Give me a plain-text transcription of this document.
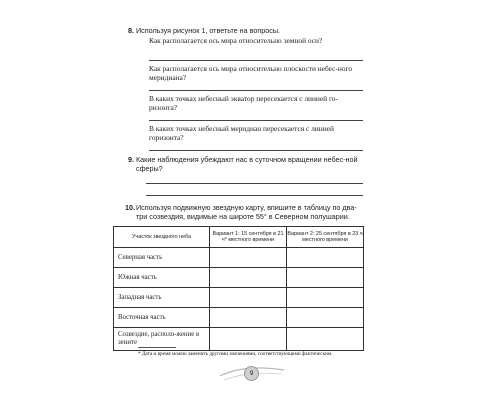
8. Используя рисунок 1, ответьте на вопросы.
Как располагается ось мира относительно земной оси?
Как располагается ось мира относительно плоскости небес-ного меридиана?
В каких точках небесный экватор пересекается с линией го-ризонта?
В каких точках небесный меридиан пересекается с линией горизонта?
9. Какие наблюдения убеждают нас в суточном вращении небес-ной сферы?
10. Используя подвижную звездную карту, впишите в таблицу по два-три созвездия, видимые на широте 55° в Северном полушарии.
Участок звездного неба	Вариант 1: 15 сентября в 21 ч* местного времени	Вариант 2: 25 сентября в 23 ч местного времени
Северная часть		
Южная часть		
Западная часть		
Восточная часть		
Созвездие, располо-жение в зените		
* Дата и время можно заменить другими значениями, соответствующими фактическим.
9
